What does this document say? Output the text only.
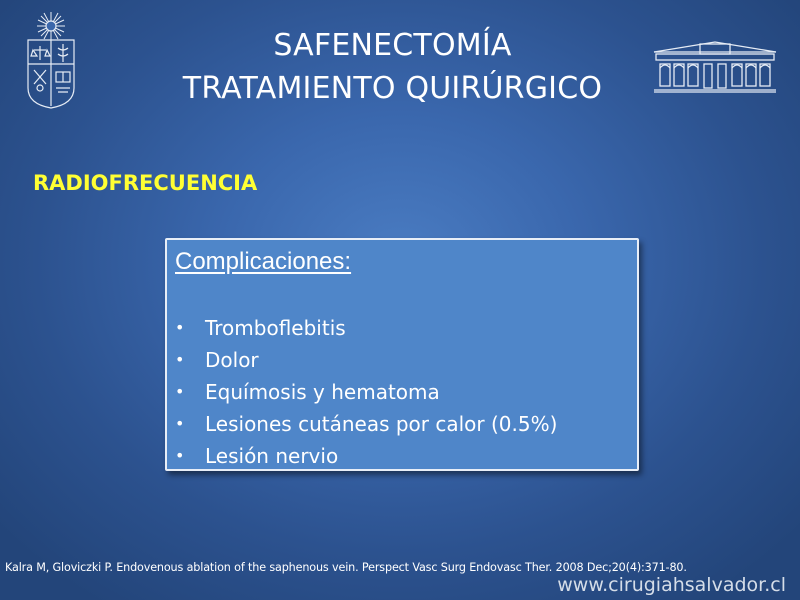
SAFENECTOMÍA
TRATAMIENTO QUIRÚRGICO
RADIOFRECUENCIA
Complicaciones:
• Tromboflebitis
• Dolor
• Equímosis y hematoma
• Lesiones cutáneas por calor (0.5%)
• Lesión nervio
Kalra M, Gloviczki P. Endovenous ablation of the saphenous vein. Perspect Vasc Surg Endovasc Ther. 2008 Dec;20(4):371-80.
www.cirugiahsalvador.cl
